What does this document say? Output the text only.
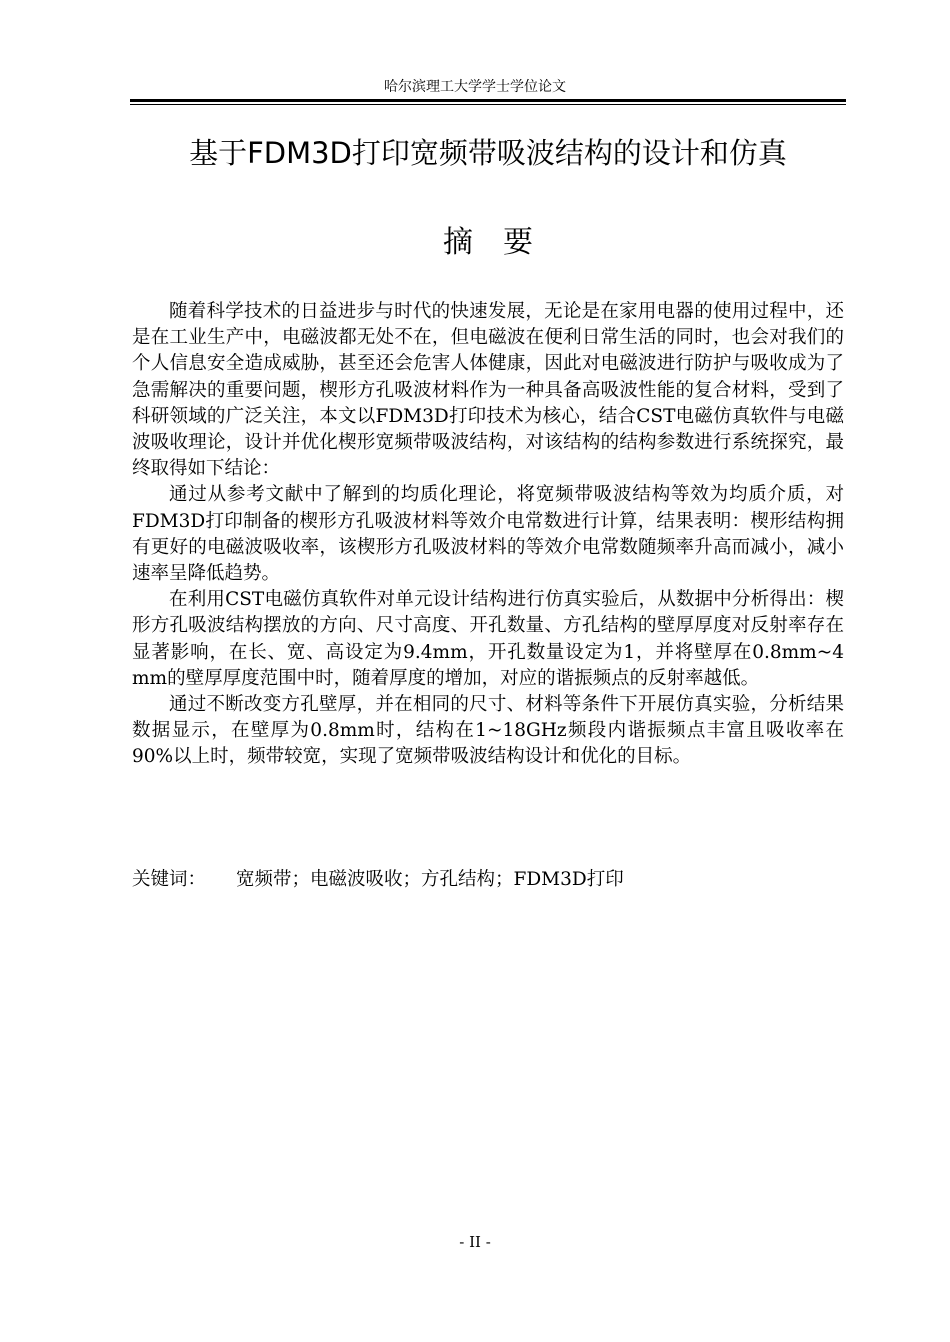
哈尔滨理工大学学士学位论文
基于FDM3D打印宽频带吸波结构的设计和仿真
摘要

随着科学技术的日益进步与时代的快速发展，无论是在家用电器的使用过程中，还是在工业生产中，电磁波都无处不在，但电磁波在便利日常生活的同时，也会对我们的个人信息安全造成威胁，甚至还会危害人体健康，因此对电磁波进行防护与吸收成为了急需解决的重要问题，楔形方孔吸波材料作为一种具备高吸波性能的复合材料，受到了科研领域的广泛关注，本文以FDM3D打印技术为核心，结合CST电磁仿真软件与电磁波吸收理论，设计并优化楔形宽频带吸波结构，对该结构的结构参数进行系统探究，最终取得如下结论：

通过从参考文献中了解到的均质化理论，将宽频带吸波结构等效为均质介质，对FDM3D打印制备的楔形方孔吸波材料等效介电常数进行计算，结果表明：楔形结构拥有更好的电磁波吸收率，该楔形方孔吸波材料的等效介电常数随频率升高而减小，减小速率呈降低趋势。

在利用CST电磁仿真软件对单元设计结构进行仿真实验后，从数据中分析得出：楔形方孔吸波结构摆放的方向、尺寸高度、开孔数量、方孔结构的壁厚厚度对反射率存在显著影响，在长、宽、高设定为9.4mm，开孔数量设定为1，并将壁厚在0.8mm~4 mm的壁厚厚度范围中时，随着厚度的增加，对应的谐振频点的反射率越低。

通过不断改变方孔壁厚，并在相同的尺寸、材料等条件下开展仿真实验，分析结果数据显示，在壁厚为0.8mm时，结构在1~18GHz频段内谐振频点丰富且吸收率在90%以上时，频带较宽，实现了宽频带吸波结构设计和优化的目标。

关键词： 宽频带；电磁波吸收；方孔结构；FDM3D打印
- II -
